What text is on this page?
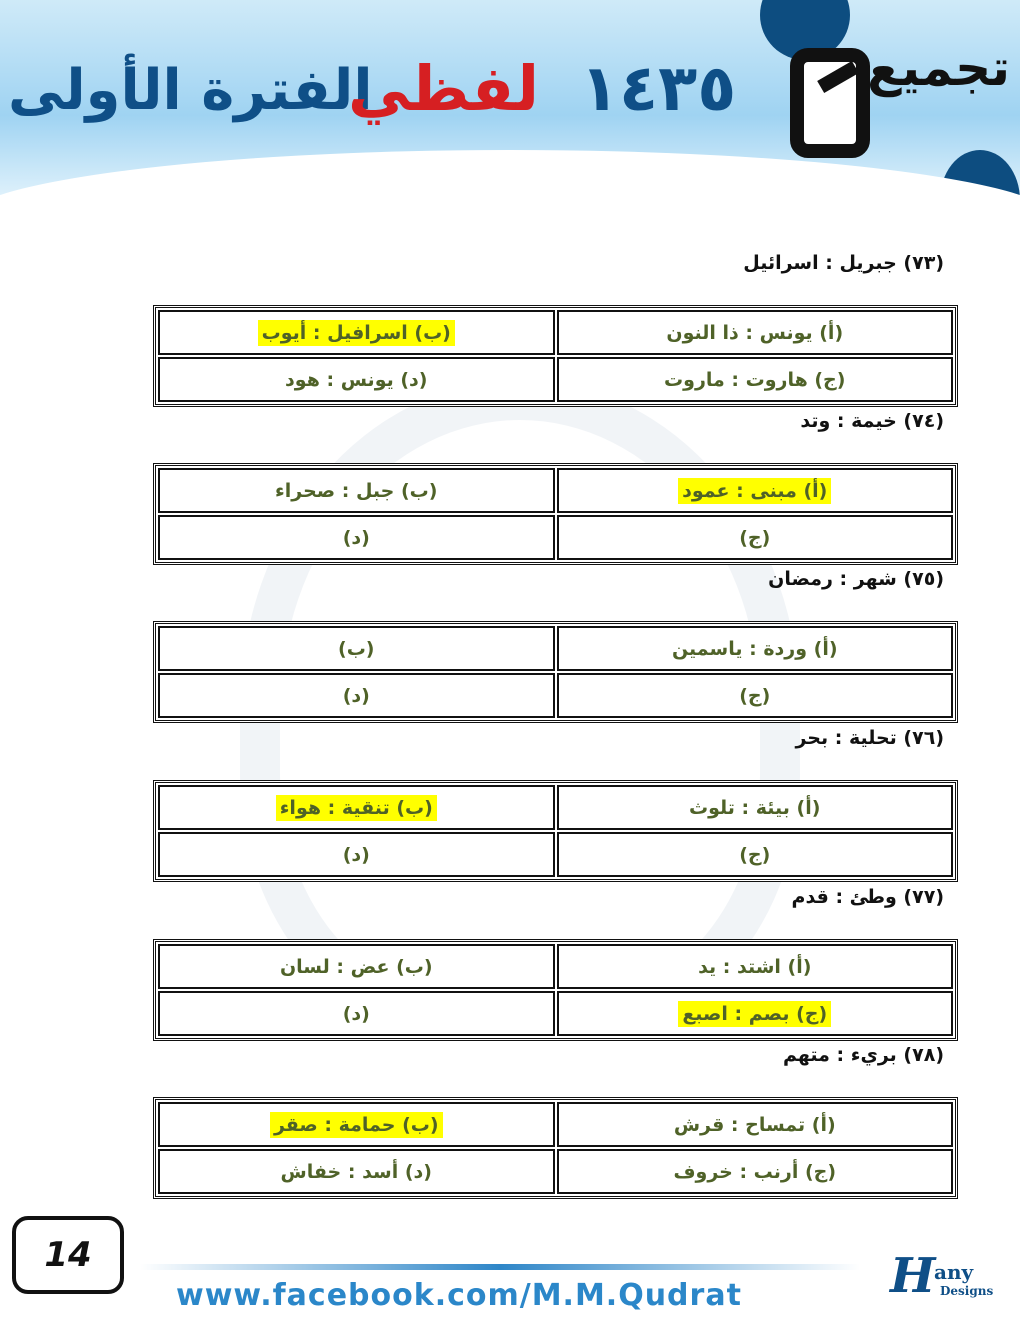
الفترة الأولى
لفظي ١٤٣٥	تجميع
(٧٣) جبريل : اسرائيل
(أ) يونس : ذا النون	(ب) اسرافيل : أيوب
(ج) هاروت : ماروت	(د) يونس : هود
(٧٤) خيمة : وتد
(أ) مبنى : عمود	(ب) جبل : صحراء
(ج)	(د)
(٧٥) شهر : رمضان
(أ) وردة : ياسمين	(ب)
(ج)	(د)
(٧٦) تحلية : بحر
(أ) بيئة : تلوث	(ب) تنقية : هواء
(ج)	(د)
(٧٧) وطئ : قدم
(أ) اشتد : يد	(ب) عض : لسان
(ج) بصم : اصبع	(د)
(٧٨) بريء : متهم
(أ) تمساح : قرش	(ب) حمامة : صقر
(ج) أرنب : خروف	(د) أسد : خفاش
14
www.facebook.com/M.M.Qudrat	H
any
Designs
